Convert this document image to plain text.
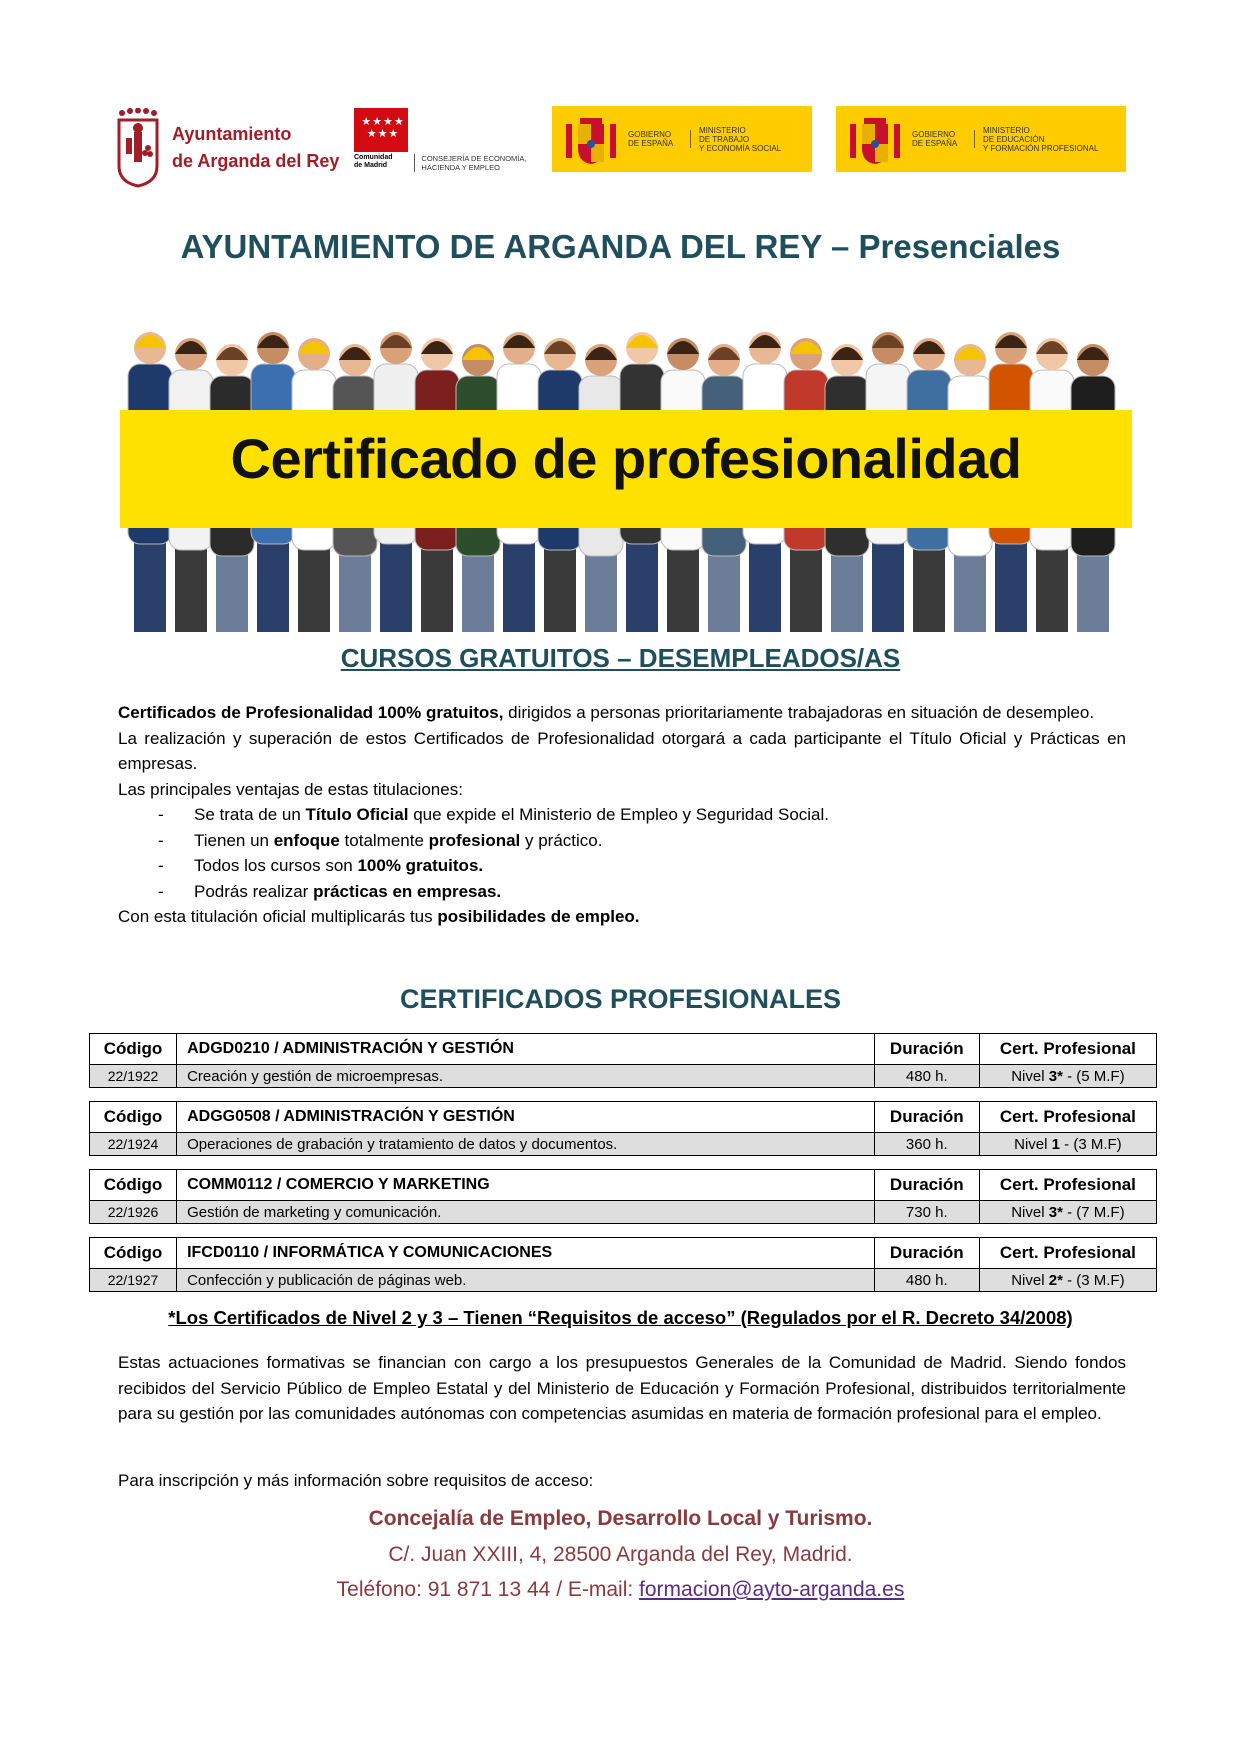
Ayuntamiento
de Arganda del Rey
★★★★
★★★
Comunidad
de Madrid
CONSEJERÍA DE ECONOMÍA,
HACIENDA Y EMPLEO
GOBIERNO
DE ESPAÑA
MINISTERIO
DE TRABAJO
Y ECONOMÍA SOCIAL
GOBIERNO
DE ESPAÑA
MINISTERIO
DE EDUCACIÓN
Y FORMACIÓN PROFESIONAL
AYUNTAMIENTO DE ARGANDA DEL REY – Presenciales
Certificado de profesionalidad
CURSOS GRATUITOS – DESEMPLEADOS/AS

Certificados de Profesionalidad 100% gratuitos, dirigidos a personas prioritariamente trabajadoras en situación de desempleo.

La realización y superación de estos Certificados de Profesionalidad otorgará a cada participante el Título Oficial y Prácticas en empresas.

Las principales ventajas de estas titulaciones:

- Se trata de un Título Oficial que expide el Ministerio de Empleo y Seguridad Social.
- Tienen un enfoque totalmente profesional y práctico.
- Todos los cursos son 100% gratuitos.
- Podrás realizar prácticas en empresas.

Con esta titulación oficial multiplicarás tus posibilidades de empleo.

CERTIFICADOS PROFESIONALES
Código	ADGD0210 / ADMINISTRACIÓN Y GESTIÓN	Duración	Cert. Profesional
22/1922	Creación y gestión de microempresas.	480 h.	Nivel 3* - (5 M.F)
Código	ADGG0508 / ADMINISTRACIÓN Y GESTIÓN	Duración	Cert. Profesional
22/1924	Operaciones de grabación y tratamiento de datos y documentos.	360 h.	Nivel 1 - (3 M.F)
Código	COMM0112 / COMERCIO Y MARKETING	Duración	Cert. Profesional
22/1926	Gestión de marketing y comunicación.	730 h.	Nivel 3* - (7 M.F)
Código	IFCD0110 / INFORMÁTICA Y COMUNICACIONES	Duración	Cert. Profesional
22/1927	Confección y publicación de páginas web.	480 h.	Nivel 2* - (3 M.F)
*Los Certificados de Nivel 2 y 3 – Tienen “Requisitos de acceso” (Regulados por el R. Decreto 34/2008)
Estas actuaciones formativas se financian con cargo a los presupuestos Generales de la Comunidad de Madrid. Siendo fondos recibidos del Servicio Público de Empleo Estatal y del Ministerio de Educación y Formación Profesional, distribuidos territorialmente para su gestión por las comunidades autónomas con competencias asumidas en materia de formación profesional para el empleo.
Para inscripción y más información sobre requisitos de acceso:
Concejalía de Empleo, Desarrollo Local y Turismo.
C/. Juan XXIII, 4, 28500 Arganda del Rey, Madrid.
Teléfono: 91 871 13 44 / E-mail: formacion@ayto-arganda.es
